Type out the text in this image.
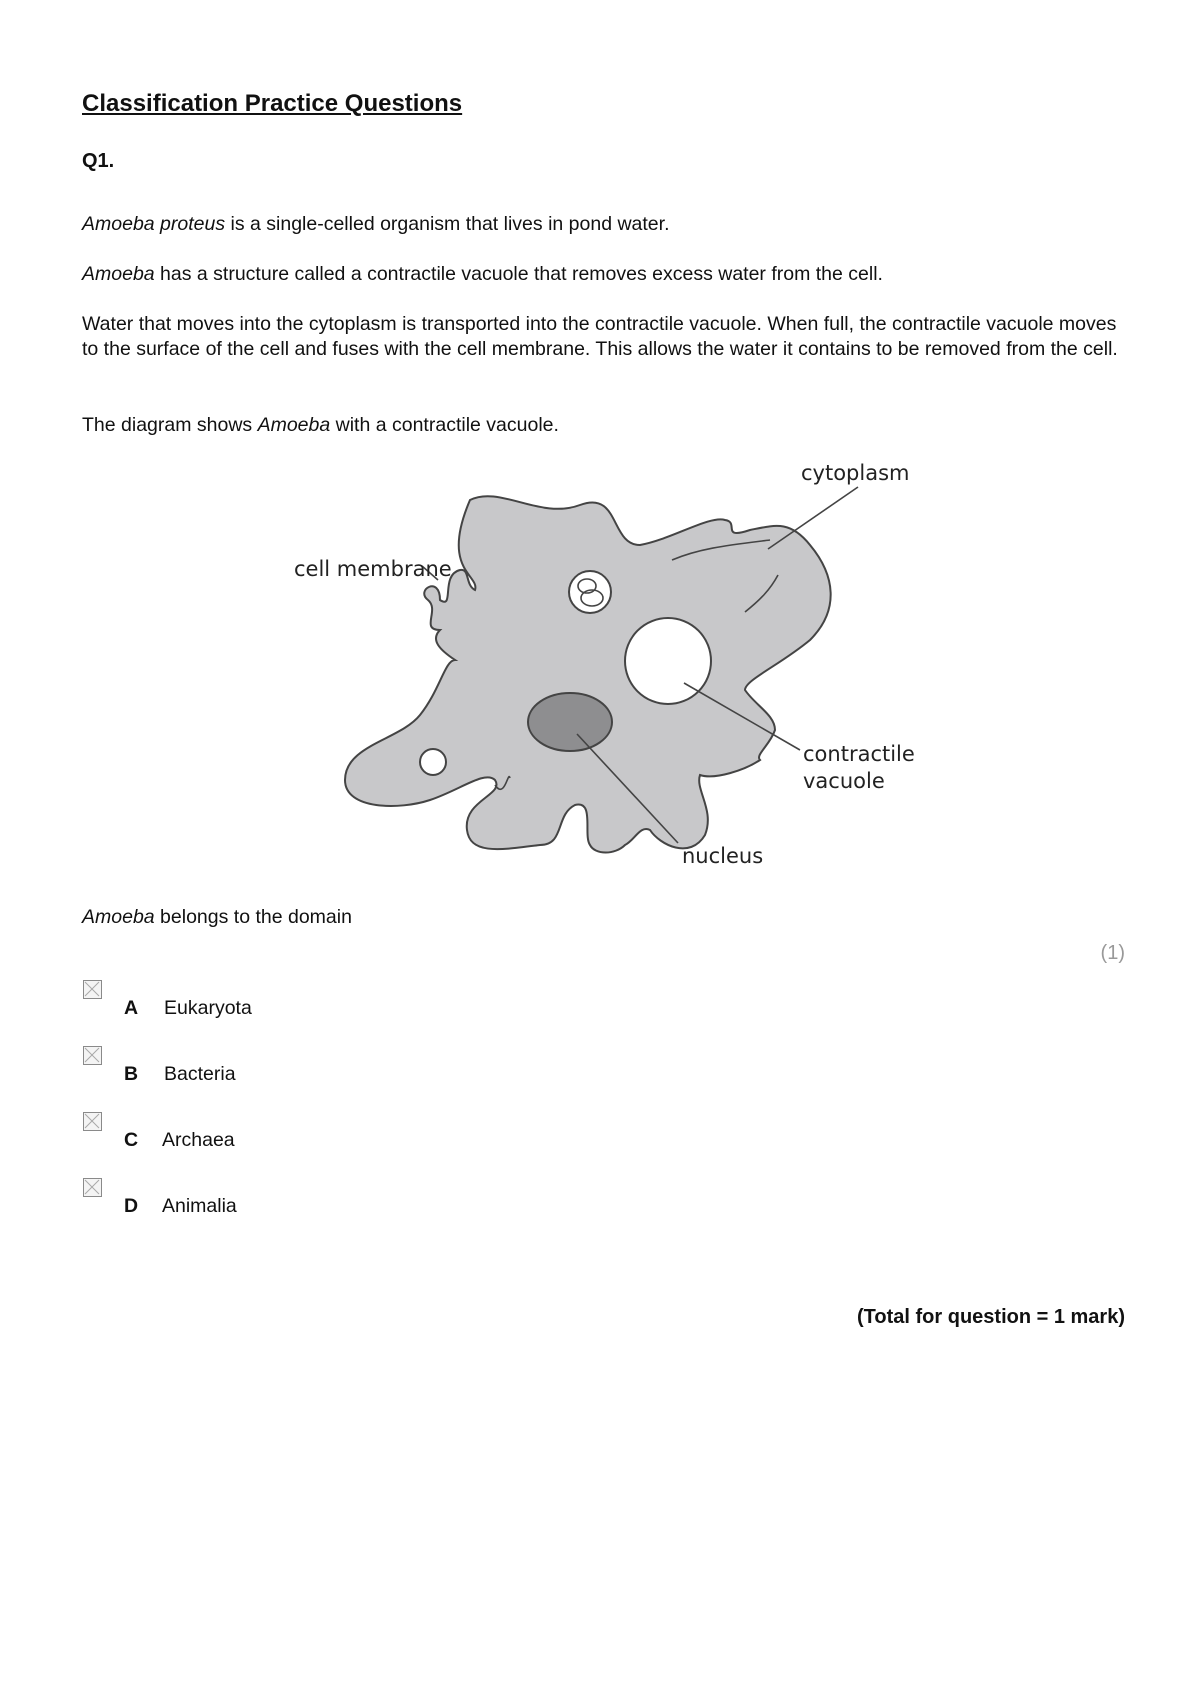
Classification Practice Questions
Q1.

Amoeba proteus is a single-celled organism that lives in pond water.

Amoeba has a structure called a contractile vacuole that removes excess water from the cell.

Water that moves into the cytoplasm is transported into the contractile vacuole. When full, the contractile vacuole moves to the surface of the cell and fuses with the cell membrane. This allows the water it contains to be removed from the cell.

The diagram shows Amoeba with a contractile vacuole.

cytoplasm
cell membrane
contractile
vacuole
nucleus

Amoeba belongs to the domain

(1)
A Eukaryota
B Bacteria
C Archaea
D Animalia
(Total for question = 1 mark)
